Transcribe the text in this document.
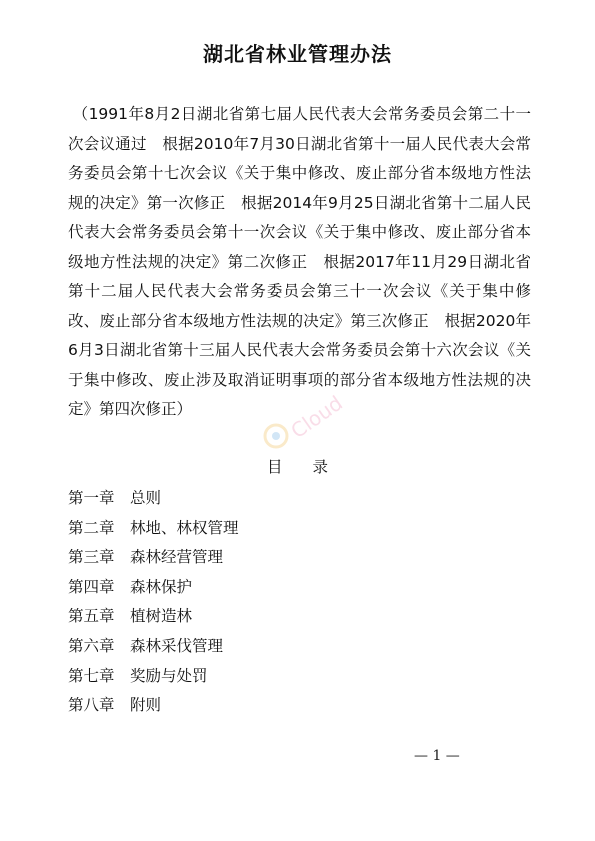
湖北省林业管理办法

（1991年8月2日湖北省第七届人民代表大会常务委员会第二十一次会议通过　根据2010年7月30日湖北省第十一届人民代表大会常务委员会第十七次会议《关于集中修改、废止部分省本级地方性法规的决定》第一次修正　根据2014年9月25日湖北省第十二届人民代表大会常务委员会第十一次会议《关于集中修改、废止部分省本级地方性法规的决定》第二次修正　根据2017年11月29日湖北省第十二届人民代表大会常务委员会第三十一次会议《关于集中修改、废止部分省本级地方性法规的决定》第三次修正　根据2020年6月3日湖北省第十三届人民代表大会常务委员会第十六次会议《关于集中修改、废止涉及取消证明事项的部分省本级地方性法规的决定》第四次修正）	Cloud
目 录
第一章 总则
第二章 林地、林权管理
第三章 森林经营管理
第四章 森林保护
第五章 植树造林
第六章 森林采伐管理
第七章 奖励与处罚
第八章 附则
— 1 —
